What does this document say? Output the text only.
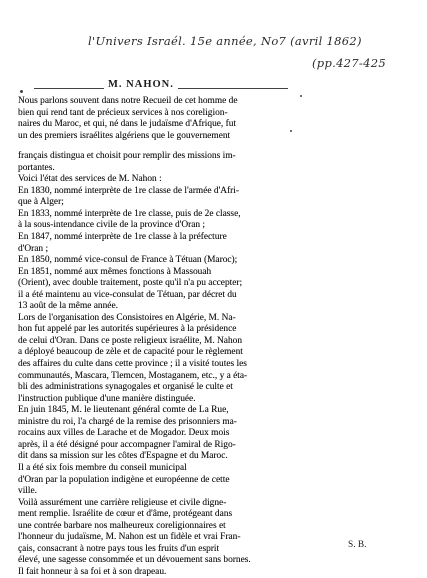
l'Univers Israél. 15e année, No7 (avril 1862)
(pp.427-425
M. NAHON.
Nous parlons souvent dans notre Recueil de cet homme de
bien qui rend tant de précieux services à nos coreligion-
naires du Maroc, et qui, né dans le judaïsme d'Afrique, fut
un des premiers israélites algériens que le gouvernement
français distingua et choisit pour remplir des missions im-
portantes.
Voici l'état des services de M. Nahon :
En 1830, nommé interprète de 1re classe de l'armée d'Afri-
que à Alger;
En 1833, nommé interprète de 1re classe, puis de 2e classe,
à la sous-intendance civile de la province d'Oran ;
En 1847, nommé interprète de 1re classe à la préfecture
d'Oran ;
En 1850, nommé vice-consul de France à Tétuan (Maroc);
En 1851, nommé aux mêmes fonctions à Massouah
(Orient), avec double traitement, poste qu'il n'a pu accepter;
il a été maintenu au vice-consulat de Tétuan, par décret du
13 août de la même année.
Lors de l'organisation des Consistoires en Algérie, M. Na-
hon fut appelé par les autorités supérieures à la présidence
de celui d'Oran. Dans ce poste religieux israélite, M. Nahon
a déployé beaucoup de zèle et de capacité pour le règlement
des affaires du culte dans cette province ; il a visité toutes les
communautés, Mascara, Tlemcen, Mostaganem, etc., y a éta-
bli des administrations synagogales et organisé le culte et
l'instruction publique d'une manière distinguée.
En juin 1845, M. le lieutenant général comte de La Rue,
ministre du roi, l'a chargé de la remise des prisonniers ma-
rocains aux villes de Larache et de Mogador. Deux mois
après, il a été désigné pour accompagner l'amiral de Rigo-
dit dans sa mission sur les côtes d'Espagne et du Maroc.
Il a été six fois membre du conseil municipal
d'Oran par la population indigène et européenne de cette
ville.
Voilà assurément une carrière religieuse et civile digne-
ment remplie. Israélite de cœur et d'âme, protégeant dans
une contrée barbare nos malheureux coreligionnaires et
l'honneur du judaïsme, M. Nahon est un fidèle et vrai Fran-
çais, consacrant à notre pays tous les fruits d'un esprit
élevé, une sagesse consommée et un dévouement sans bornes.
Il fait honneur à sa foi et à son drapeau.
S. B.
